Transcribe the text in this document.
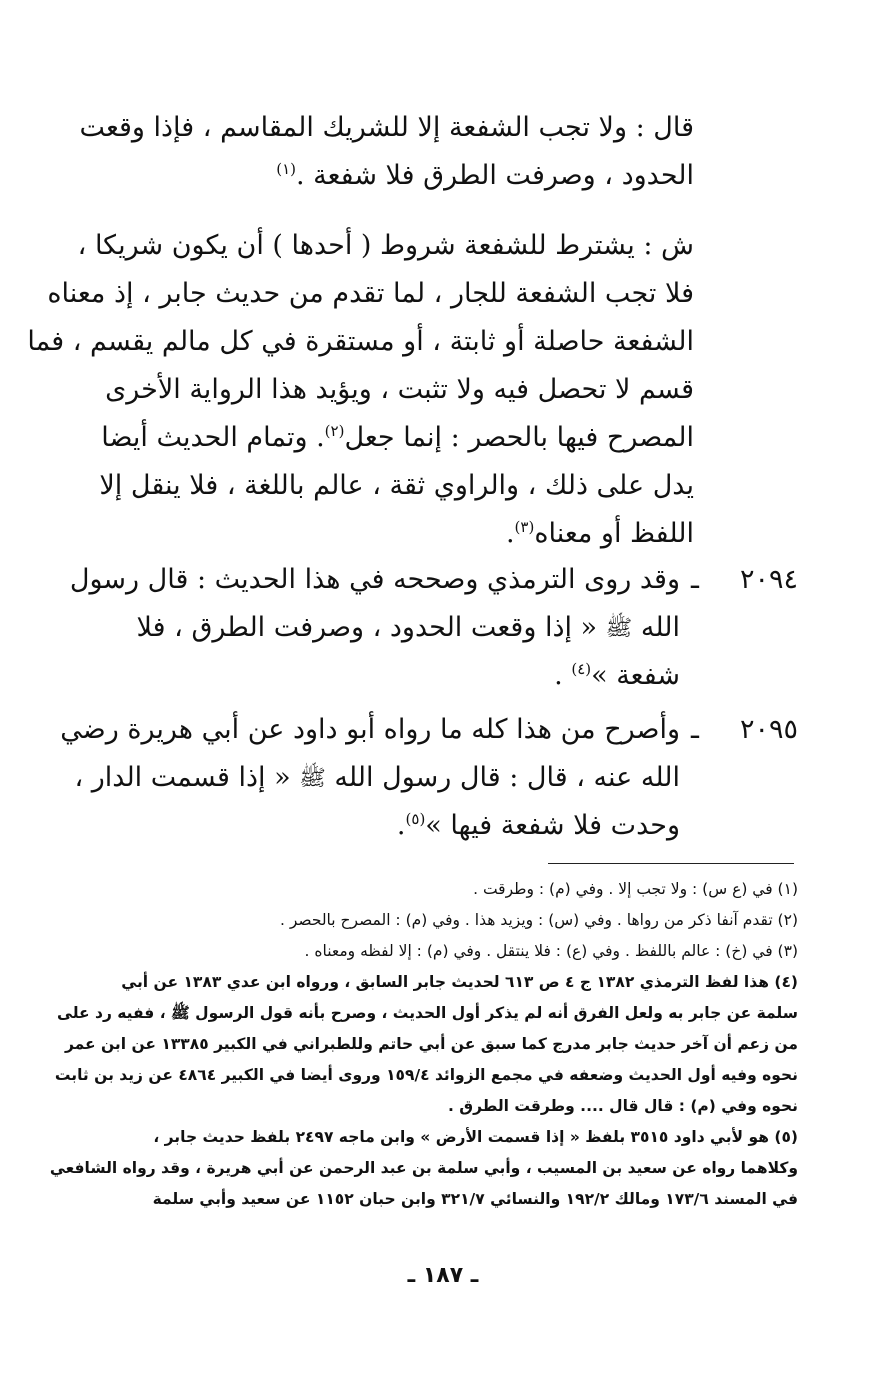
قال : ولا تجب الشفعة إلا للشريك المقاسم ، فإذا وقعت
الحدود ، وصرفت الطرق فلا شفعة .$^{(١)}$
ش : يشترط للشفعة شروط ( أحدها ) أن يكون شريكا ،
فلا تجب الشفعة للجار ، لما تقدم من حديث جابر ، إذ معناه
الشفعة حاصلة أو ثابتة ، أو مستقرة في كل مالم يقسم ، فما
قسم لا تحصل فيه ولا تثبت ، ويؤيد هذا الرواية الأخرى
المصرح فيها بالحصر : إنما جعل$^{(٢)}$. وتمام الحديث أيضا
يدل على ذلك ، والراوي ثقة ، عالم باللغة ، فلا ينقل إلا
اللفظ أو معناه$^{(٣)}$.
٢٠٩٤
ـ
وقد روى الترمذي وصححه في هذا الحديث : قال رسول
الله ﷺ « إذا وقعت الحدود ، وصرفت الطرق ، فلا
شفعة »$^{(٤)}$ .
٢٠٩٥
ـ
وأصرح من هذا كله ما رواه أبو داود عن أبي هريرة رضي
الله عنه ، قال : قال رسول الله ﷺ « إذا قسمت الدار ،
وحدت فلا شفعة فيها »$^{(٥)}$.
(١) في (ع س) : ولا تجب إلا . وفي (م) : وطرقت .
(٢) تقدم آنفا ذكر من رواها . وفي (س) : ويزيد هذا . وفي (م) : المصرح بالحصر .
(٣) في (خ) : عالم باللفظ . وفي (ع) : فلا ينتقل . وفي (م) : إلا لفظه ومعناه .
(٤) هذا لفظ الترمذي ١٣٨٢ ج ٤ ص ٦١٣ لحديث جابر السابق ، ورواه ابن عدي ١٣٨٣ عن أبي
سلمة عن جابر به ولعل الفرق أنه لم يذكر أول الحديث ، وصرح بأنه قول الرسول ﷺ ، ففيه رد على
من زعم أن آخر حديث جابر مدرج كما سبق عن أبي حاتم وللطبراني في الكبير ١٣٣٨٥ عن ابن عمر
نحوه وفيه أول الحديث وضعفه في مجمع الزوائد ١٥٩/٤ وروى أيضا في الكبير ٤٨٦٤ عن زيد بن ثابت
نحوه وفي (م) : قال قال .... وطرقت الطرق .
(٥) هو لأبي داود ٣٥١٥ بلفظ « إذا قسمت الأرض » وابن ماجه ٢٤٩٧ بلفظ حديث جابر ،
وكلاهما رواه عن سعيد بن المسيب ، وأبي سلمة بن عبد الرحمن عن أبي هريرة ، وقد رواه الشافعي
في المسند ١٧٣/٦ ومالك ١٩٢/٢ والنسائي ٣٢١/٧ وابن حبان ١١٥٢ عن سعيد وأبي سلمة
ـ ١٨٧ ـ
